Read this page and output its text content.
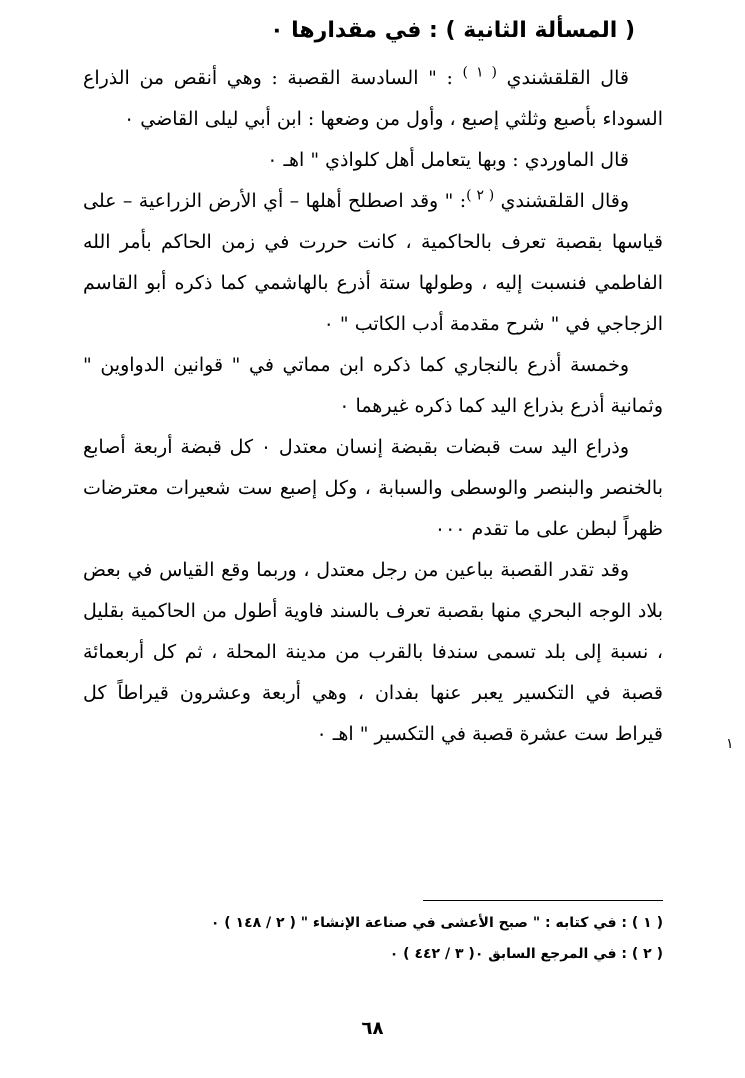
( المسألة الثانية ) : في مقدارها ٠

قال القلقشندي $^{( ١ )}$ : " السادسة القصبة : وهي أنقص من الذراع السوداء بأصبع وثلثي إصبع ، وأول من وضعها : ابن أبي ليلى القاضي ٠

قال الماوردي : وبها يتعامل أهل كلواذي " اهـ ٠

وقال القلقشندي $^{( ٢ )}$: " وقد اصطلح أهلها – أي الأرض الزراعية – على قياسها بقصبة تعرف بالحاكمية ، كانت حررت في زمن الحاكم بأمر الله الفاطمي فنسبت إليه ، وطولها ستة أذرع بالهاشمي كما ذكره أبو القاسم الزجاجي في " شرح مقدمة أدب الكاتب " ٠

وخمسة أذرع بالنجاري كما ذكره ابن مماتي في " قوانين الدواوين " وثمانية أذرع بذراع اليد كما ذكره غيرهما ٠

وذراع اليد ست قبضات بقبضة إنسان معتدل ٠ كل قبضة أربعة أصابع بالخنصر والبنصر والوسطى والسبابة ، وكل إصبع ست شعيرات معترضات ظهراً لبطن على ما تقدم ٠٠٠

وقد تقدر القصبة بباعين من رجل معتدل ، وربما وقع القياس في بعض بلاد الوجه البحري منها بقصبة تعرف بالسند فاوية أطول من الحاكمية بقليل ، نسبة إلى بلد تسمى سندفا بالقرب من مدينة المحلة ، ثم كل أربعمائة قصبة في التكسير يعبر عنها بفدان ، وهي أربعة وعشرون قيراطاً كل قيراط ست عشرة قصبة في التكسير " اهـ ٠	١
( ١ ) : في كتابه : " صبح الأعشى في صناعة الإنشاء " ( ٢ / ١٤٨ ) ٠
( ٢ ) : في المرجع السابق ٠( ٣ / ٤٤٢ ) ٠
٦٨
